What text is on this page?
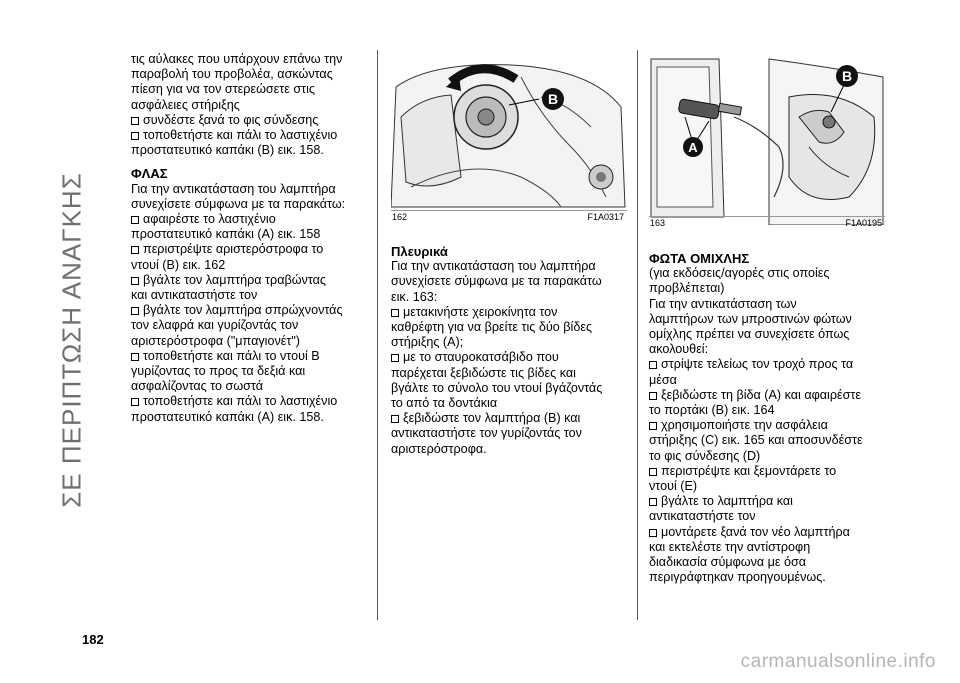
ΣΕ ΠΕΡΙΠΤΩΣΗ ΑΝΑΓΚΗΣ
182

τις αύλακες που υπάρχουν επάνω την

παραβολή του προβολέα, ασκώντας

πίεση για να τον στερεώσετε στις

ασφάλειες στήριξης

συνδέστε ξανά το φις σύνδεσης

τοποθετήστε και πάλι το λαστιχένιο

προστατευτικό καπάκι (B) εικ. 158.

ΦΛΑΣ

Για την αντικατάσταση του λαμπτήρα

συνεχίσετε σύμφωνα με τα παρακάτω:

αφαιρέστε το λαστιχένιο

προστατευτικό καπάκι (A) εικ. 158

περιστρέψτε αριστερόστροφα το

ντουί (B) εικ. 162

βγάλτε τον λαμπτήρα τραβώντας

και αντικαταστήστε τον

βγάλτε τον λαμπτήρα σπρώχνοντάς

τον ελαφρά και γυρίζοντάς τον

αριστερόστροφα ("μπαγιονέτ")

τοποθετήστε και πάλι το ντουί B

γυρίζοντας το προς τα δεξιά και

ασφαλίζοντας το σωστά

τοποθετήστε και πάλι το λαστιχένιο

προστατευτικό καπάκι (A) εικ. 158.

B
162	F1A0317

Πλευρικά

Για την αντικατάσταση του λαμπτήρα

συνεχίσετε σύμφωνα με τα παρακάτω

εικ. 163:

μετακινήστε χειροκίνητα τον

καθρέφτη για να βρείτε τις δύο βίδες

στήριξης (A);

με το σταυροκατσάβιδο που

παρέχεται ξεβιδώστε τις βίδες και

βγάλτε το σύνολο του ντουί βγάζοντάς

το από τα δοντάκια

ξεβιδώστε τον λαμπτήρα (B) και

αντικαταστήστε τον γυρίζοντάς τον

αριστερόστροφα.

A
B
163	F1A0195

ΦΩΤΑ ΟΜΙΧΛΗΣ

(για εκδόσεις/αγορές στις οποίες

προβλέπεται)

Για την αντικατάσταση των

λαμπτήρων των μπροστινών φώτων

ομίχλης πρέπει να συνεχίσετε όπως

ακολουθεί:

στρίψτε τελείως τον τροχό προς τα

μέσα

ξεβιδώστε τη βίδα (A) και αφαιρέστε

το πορτάκι (B) εικ. 164

χρησιμοποιήστε την ασφάλεια

στήριξης (C) εικ. 165 και αποσυνδέστε

το φις σύνδεσης (D)

περιστρέψτε και ξεμοντάρετε το

ντουί (E)

βγάλτε το λαμπτήρα και

αντικαταστήστε τον

μοντάρετε ξανά τον νέο λαμπτήρα

και εκτελέστε την αντίστροφη

διαδικασία σύμφωνα με όσα

περιγράφτηκαν προηγουμένως.

carmanualsonline.info
